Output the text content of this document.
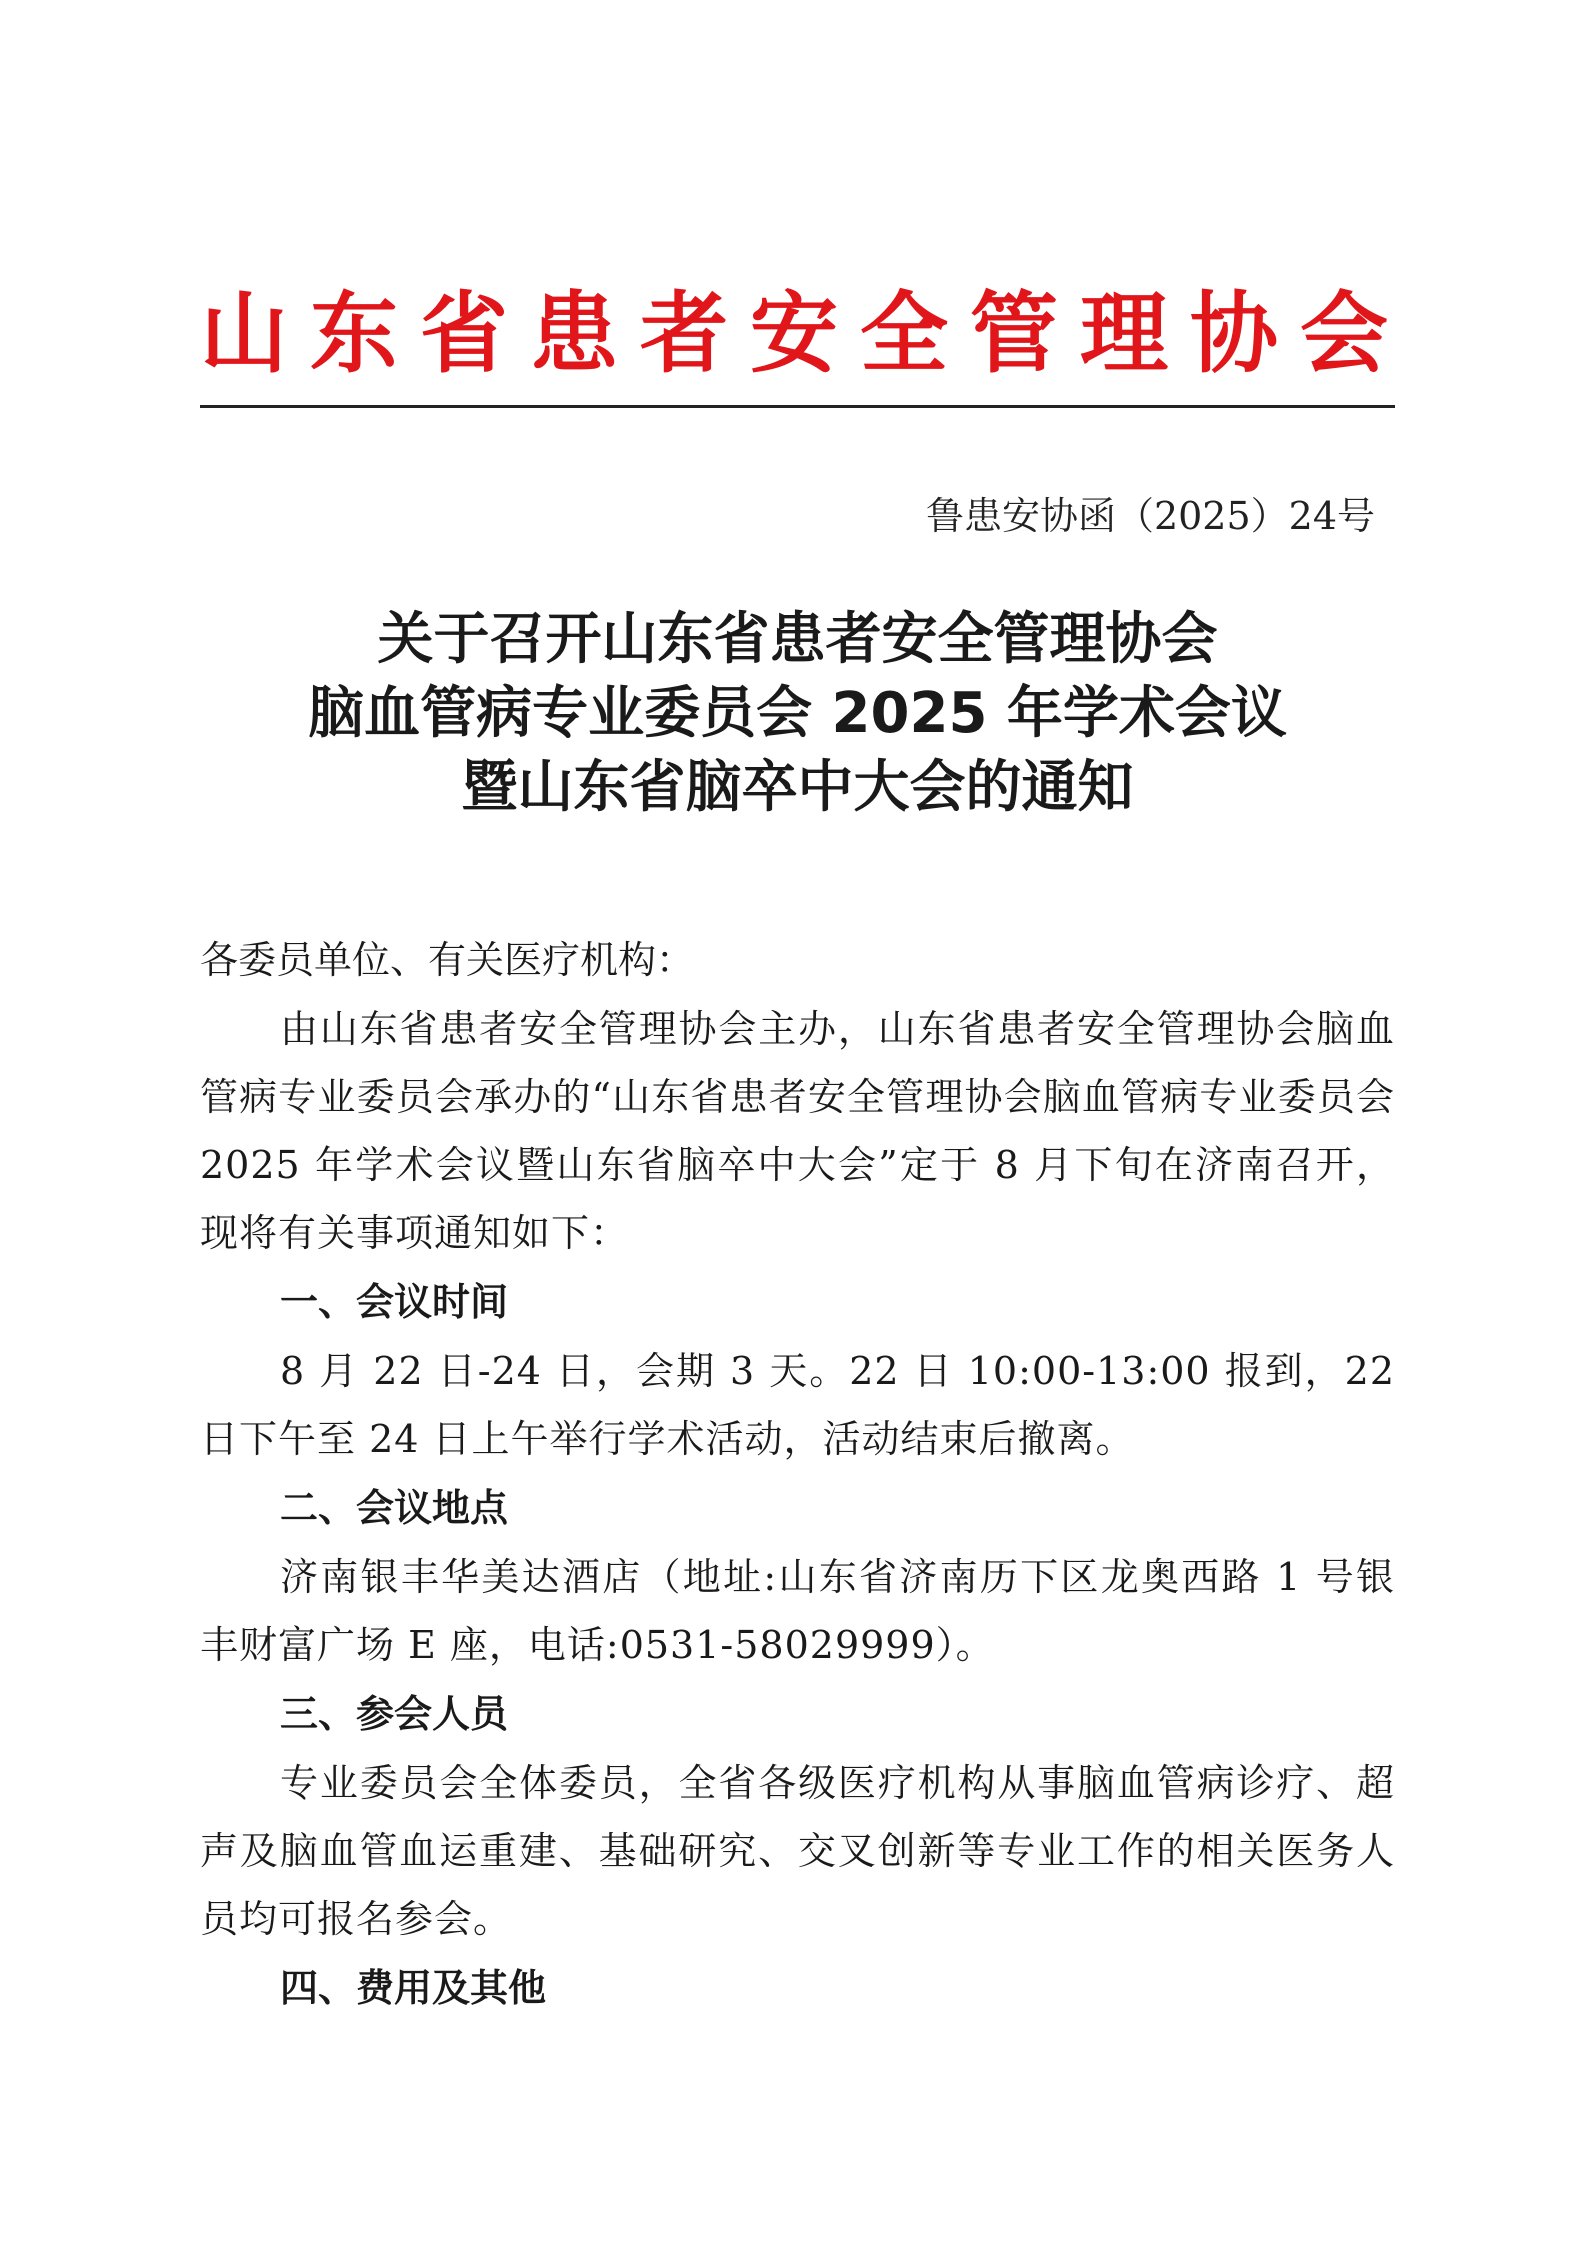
山东省患者安全管理协会
鲁患安协函（2025）24号
关于召开山东省患者安全管理协会
脑血管病专业委员会 2025 年学术会议
暨山东省脑卒中大会的通知

各委员单位、有关医疗机构：

由山东省患者安全管理协会主办，山东省患者安全管理协会脑血管病专业委员会承办的“山东省患者安全管理协会脑血管病专业委员会 2025 年学术会议暨山东省脑卒中大会”定于 8 月下旬在济南召开，现将有关事项通知如下：

一、会议时间

8 月 22 日-24 日，会期 3 天。22 日 10:00-13:00 报到，22 日下午至 24 日上午举行学术活动，活动结束后撤离。

二、会议地点

济南银丰华美达酒店（地址:山东省济南历下区龙奥西路 1 号银丰财富广场 E 座，电话:0531-58029999）。

三、参会人员

专业委员会全体委员，全省各级医疗机构从事脑血管病诊疗、超声及脑血管血运重建、基础研究、交叉创新等专业工作的相关医务人员均可报名参会。

四、费用及其他
